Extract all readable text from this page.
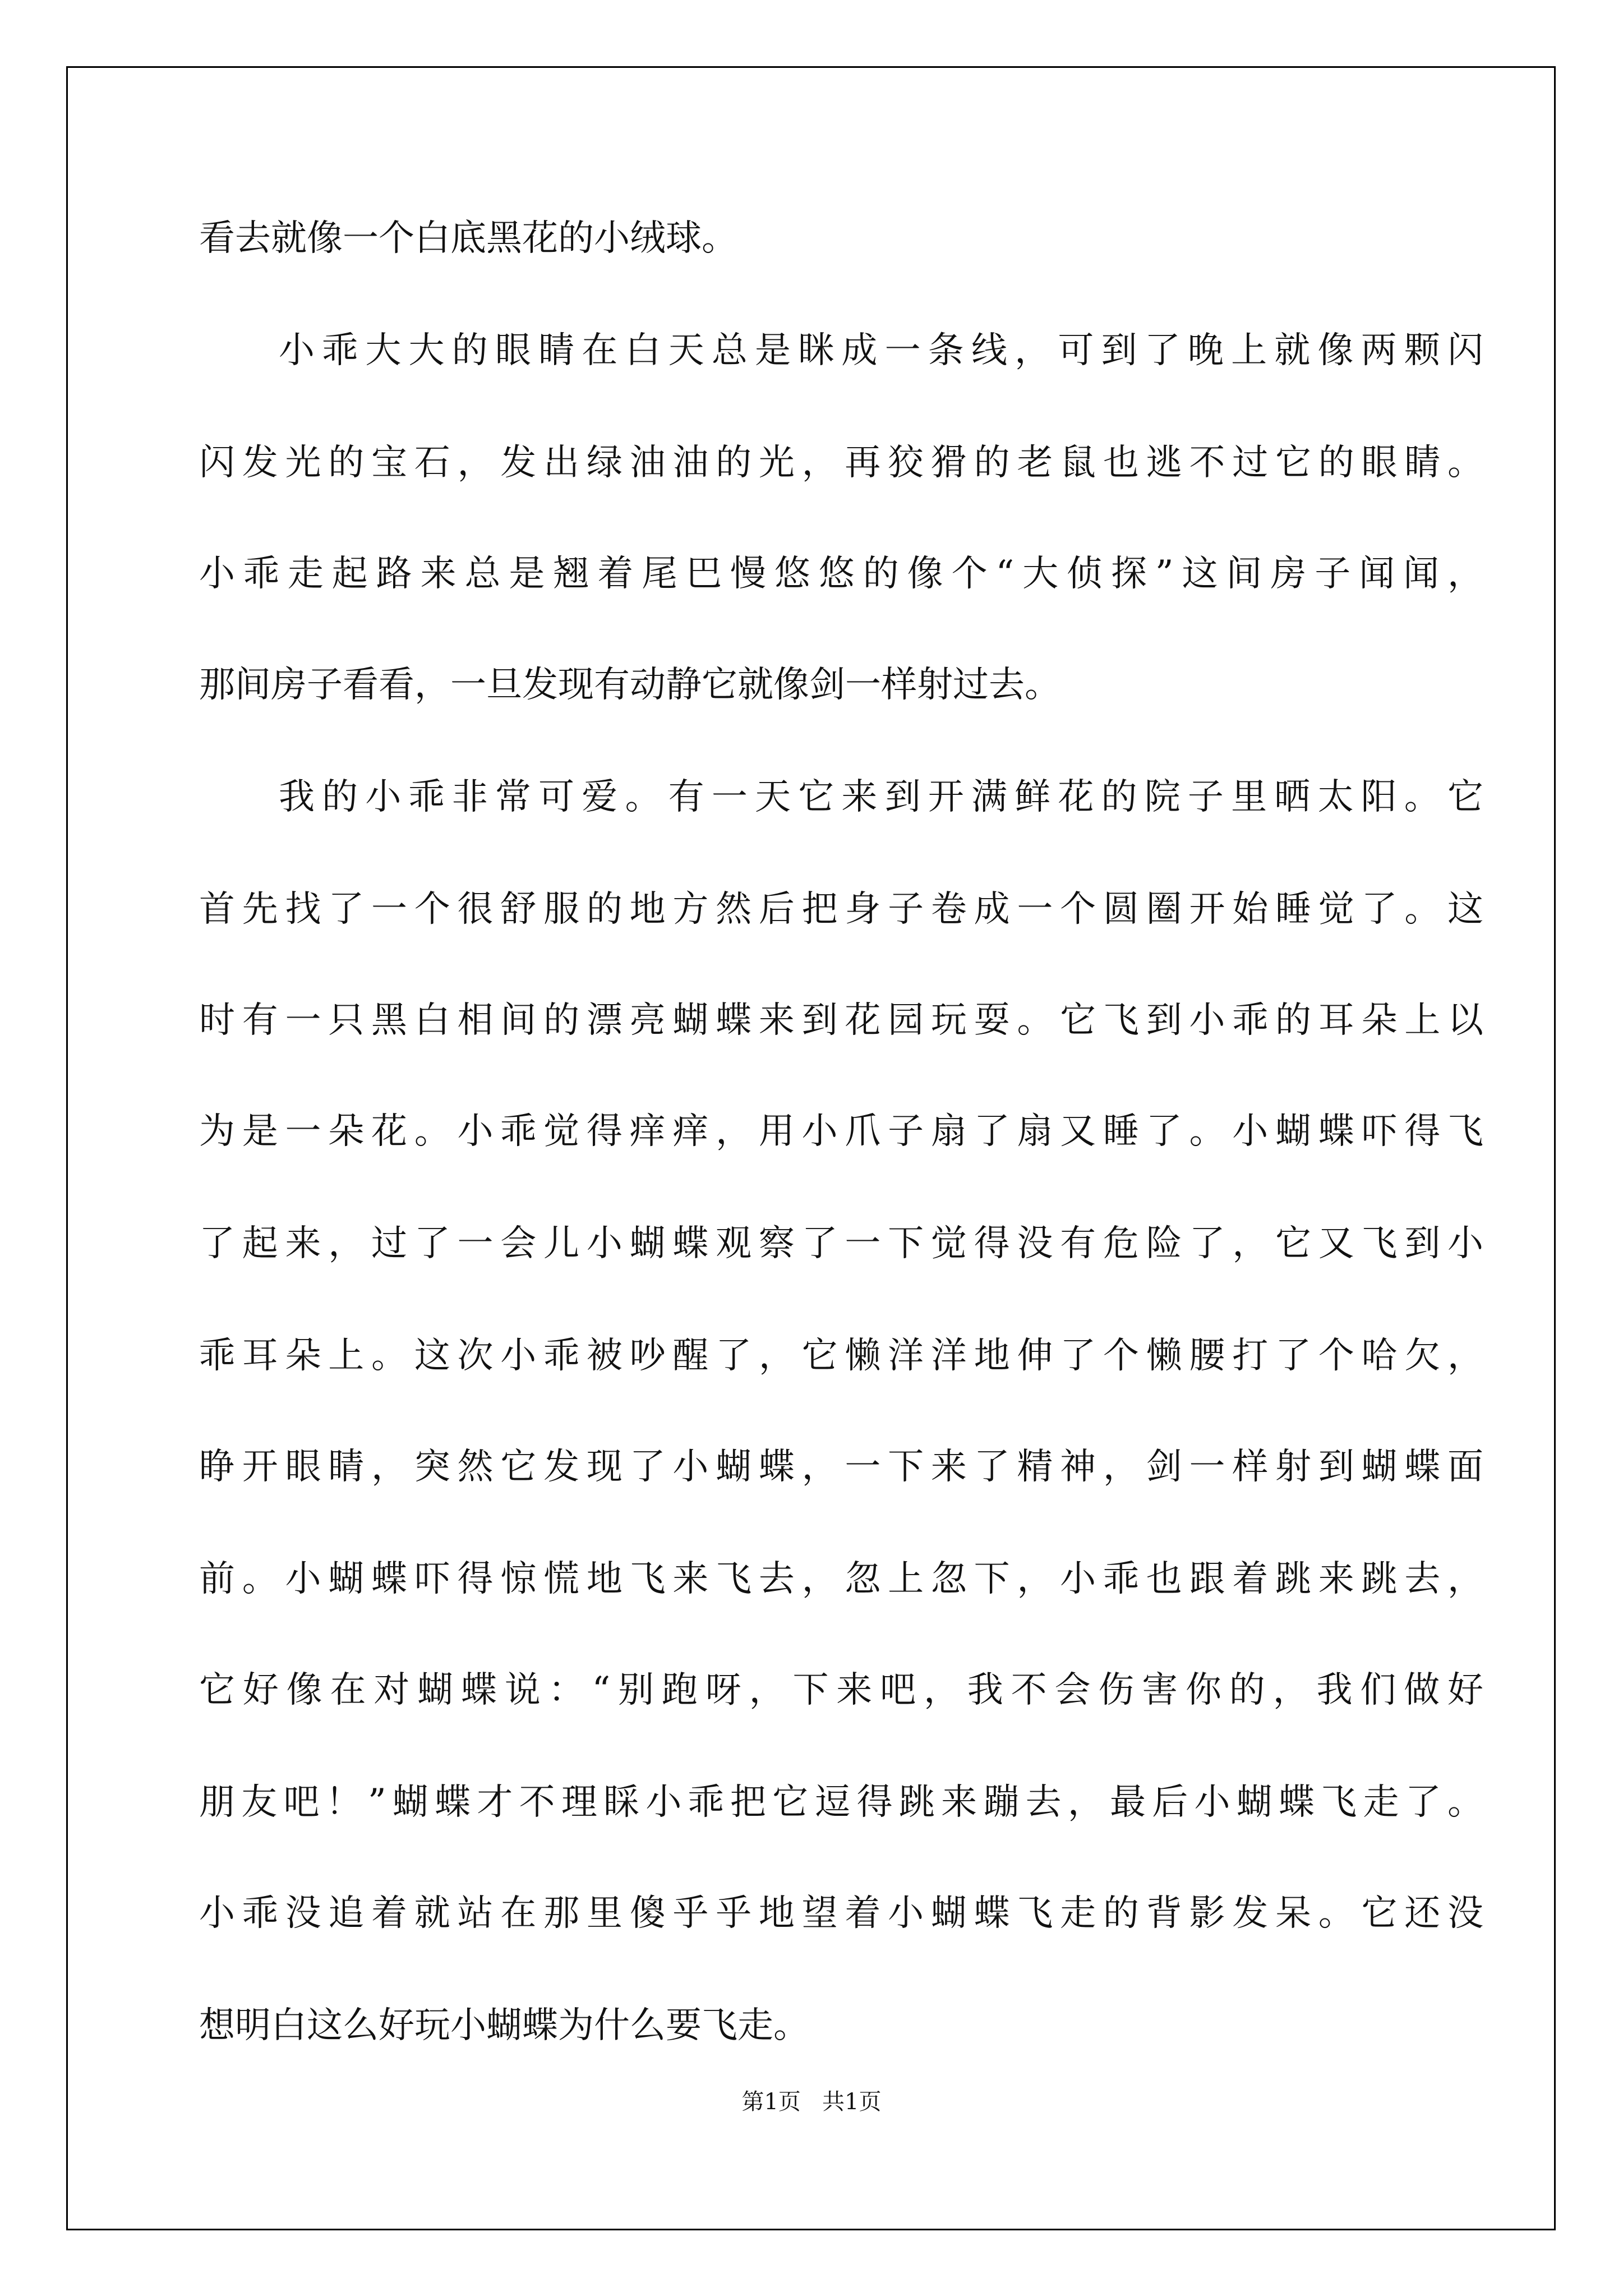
看去就像一个白底黑花的小绒球。
小乖大大的眼睛在白天总是眯成一条线，可到了晚上就像两颗闪
闪发光的宝石，发出绿油油的光，再狡猾的老鼠也逃不过它的眼睛。
小乖走起路来总是翘着尾巴慢悠悠的像个“大侦探”这间房子闻闻，
那间房子看看，一旦发现有动静它就像剑一样射过去。
我的小乖非常可爱。有一天它来到开满鲜花的院子里晒太阳。它
首先找了一个很舒服的地方然后把身子卷成一个圆圈开始睡觉了。这
时有一只黑白相间的漂亮蝴蝶来到花园玩耍。它飞到小乖的耳朵上以
为是一朵花。小乖觉得痒痒，用小爪子扇了扇又睡了。小蝴蝶吓得飞
了起来，过了一会儿小蝴蝶观察了一下觉得没有危险了，它又飞到小
乖耳朵上。这次小乖被吵醒了，它懒洋洋地伸了个懒腰打了个哈欠，
睁开眼睛，突然它发现了小蝴蝶，一下来了精神，剑一样射到蝴蝶面
前。小蝴蝶吓得惊慌地飞来飞去，忽上忽下，小乖也跟着跳来跳去，
它好像在对蝴蝶说：“别跑呀，下来吧，我不会伤害你的，我们做好
朋友吧！”蝴蝶才不理睬小乖把它逗得跳来蹦去，最后小蝴蝶飞走了。
小乖没追着就站在那里傻乎乎地望着小蝴蝶飞走的背影发呆。它还没
想明白这么好玩小蝴蝶为什么要飞走。
第1页   共1页
